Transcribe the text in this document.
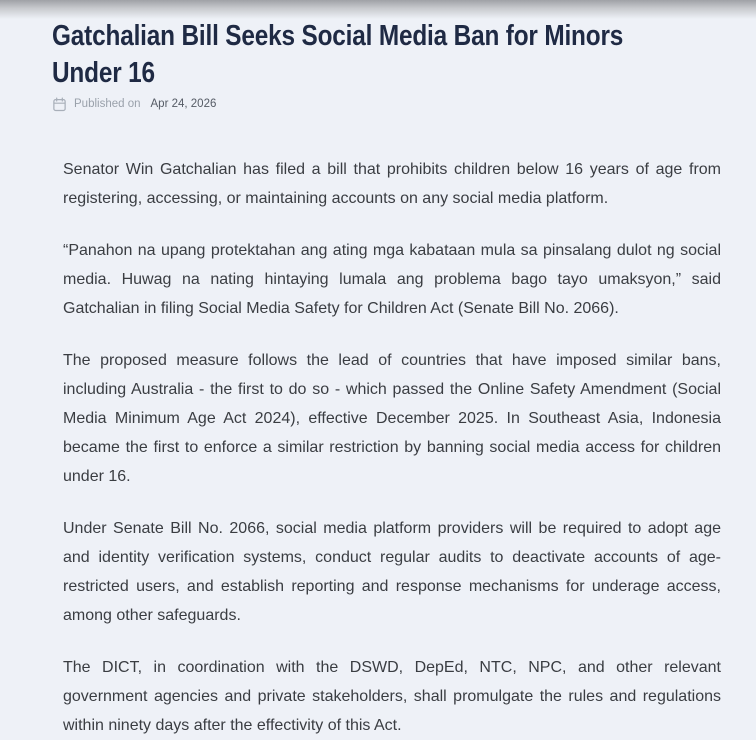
Gatchalian Bill Seeks Social Media Ban for Minors
Under 16
Published on Apr 24, 2026

Senator Win Gatchalian has filed a bill that prohibits children below 16 years of age from registering, accessing, or maintaining accounts on any social media platform.

“Panahon na upang protektahan ang ating mga kabataan mula sa pinsalang dulot ng social media. Huwag na nating hintaying lumala ang problema bago tayo umaksyon,” said Gatchalian in filing Social Media Safety for Children Act (Senate Bill No. 2066).

The proposed measure follows the lead of countries that have imposed similar bans, including Australia - the first to do so - which passed the Online Safety Amendment (Social Media Minimum Age Act 2024), effective December 2025. In Southeast Asia, Indonesia became the first to enforce a similar restriction by banning social media access for children under 16.

Under Senate Bill No. 2066, social media platform providers will be required to adopt age and identity verification systems, conduct regular audits to deactivate accounts of age-restricted users, and establish reporting and response mechanisms for underage access, among other safeguards.

The DICT, in coordination with the DSWD, DepEd, NTC, NPC, and other relevant government agencies and private stakeholders, shall promulgate the rules and regulations within ninety days after the effectivity of this Act.
